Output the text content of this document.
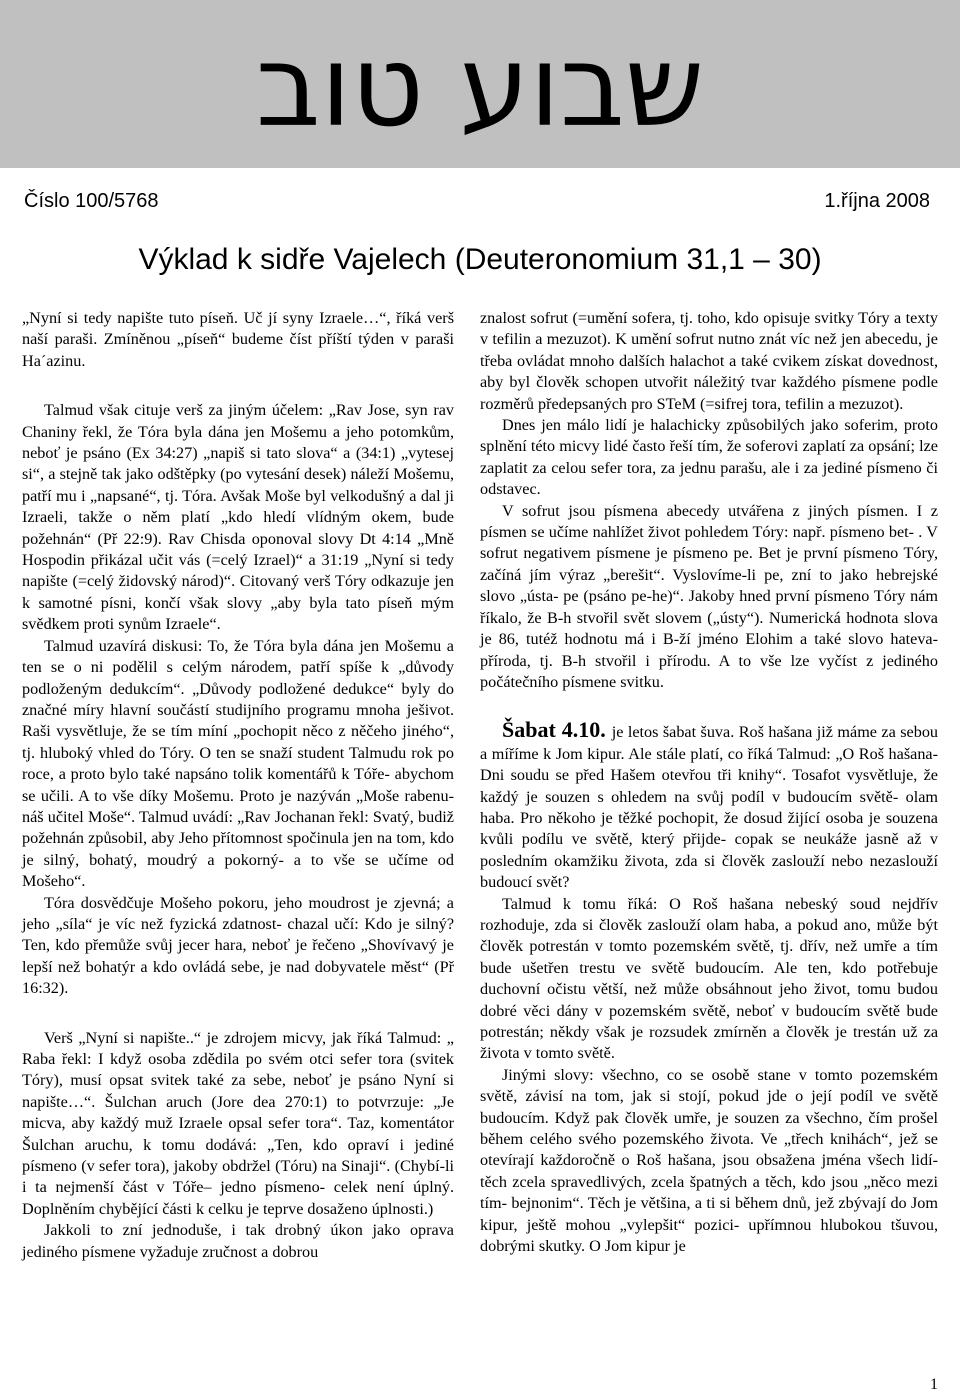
שבוע טוב
Číslo 100/5768	1.října 2008
Výklad k sidře Vajelech (Deuteronomium 31,1 – 30)

„Nyní si tedy napište tuto píseň. Uč jí syny Izraele…“, říká verš naší paraši. Zmíněnou „píseň“ budeme číst příští týden v paraši Ha´azinu.

Talmud však cituje verš za jiným účelem: „Rav Jose, syn rav Chaniny řekl, že Tóra byla dána jen Mošemu a jeho potomkům, neboť je psáno (Ex 34:27) „napiš si tato slova“ a (34:1) „vytesej si“, a stejně tak jako odštěpky (po vytesání desek) náleží Mošemu, patří mu i „napsané“, tj. Tóra. Avšak Moše byl velkodušný a dal ji Izraeli, takže o něm platí „kdo hledí vlídným okem, bude požehnán“ (Př 22:9). Rav Chisda oponoval slovy Dt 4:14 „Mně Hospodin přikázal učit vás (=celý Izrael)“ a 31:19 „Nyní si tedy napište (=celý židovský národ)“. Citovaný verš Tóry odkazuje jen k samotné písni, končí však slovy „aby byla tato píseň mým svědkem proti synům Izraele“.

Talmud uzavírá diskusi: To, že Tóra byla dána jen Mošemu a ten se o ni podělil s celým národem, patří spíše k „důvody podloženým dedukcím“. „Důvody podložené dedukce“ byly do značné míry hlavní součástí studijního programu mnoha ješivot. Raši vysvětluje, že se tím míní „pochopit něco z něčeho jiného“, tj. hluboký vhled do Tóry. O ten se snaží student Talmudu rok po roce, a proto bylo také napsáno tolik komentářů k Tóře- abychom se učili. A to vše díky Mošemu. Proto je nazýván „Moše rabenu- náš učitel Moše“. Talmud uvádí: „Rav Jochanan řekl: Svatý, budiž požehnán způsobil, aby Jeho přítomnost spočinula jen na tom, kdo je silný, bohatý, moudrý a pokorný- a to vše se učíme od Mošeho“.

Tóra dosvědčuje Mošeho pokoru, jeho moudrost je zjevná; a jeho „síla“ je víc než fyzická zdatnost- chazal učí: Kdo je silný? Ten, kdo přemůže svůj jecer hara, neboť je řečeno „Shovívavý je lepší než bohatýr a kdo ovládá sebe, je nad dobyvatele měst“ (Př 16:32).

Verš „Nyní si napište..“ je zdrojem micvy, jak říká Talmud: „ Raba řekl: I když osoba zdědila po svém otci sefer tora (svitek Tóry), musí opsat svitek také za sebe, neboť je psáno Nyní si napište…“. Šulchan aruch (Jore dea 270:1) to potvrzuje: „Je micva, aby každý muž Izraele opsal sefer tora“. Taz, komentátor Šulchan aruchu, k tomu dodává: „Ten, kdo opraví i jediné písmeno (v sefer tora), jakoby obdržel (Tóru) na Sinaji“. (Chybí-li i ta nejmenší část v Tóře– jedno písmeno- celek není úplný. Doplněním chybějící části k celku je teprve dosaženo úplnosti.)

Jakkoli to zní jednoduše, i tak drobný úkon jako oprava jediného písmene vyžaduje zručnost a dobrou

znalost sofrut (=umění sofera, tj. toho, kdo opisuje svitky Tóry a texty v tefilin a mezuzot). K umění sofrut nutno znát víc než jen abecedu, je třeba ovládat mnoho dalších halachot a také cvikem získat dovednost, aby byl člověk schopen utvořit náležitý tvar každého písmene podle rozměrů předepsaných pro STeM (=sifrej tora, tefilin a mezuzot).

Dnes jen málo lidí je halachicky způsobilých jako soferim, proto splnění této micvy lidé často řeší tím, že soferovi zaplatí za opsání; lze zaplatit za celou sefer tora, za jednu parašu, ale i za jediné písmeno či odstavec.

V sofrut jsou písmena abecedy utvářena z jiných písmen. I z písmen se učíme nahlížet život pohledem Tóry: např. písmeno bet- . V sofrut negativem písmene je písmeno pe. Bet je první písmeno Tóry, začíná jím výraz „berešit“. Vyslovíme-li pe, zní to jako hebrejské slovo „ústa- pe (psáno pe-he)“. Jakoby hned první písmeno Tóry nám říkalo, že B-h stvořil svět slovem („ústy“). Numerická hodnota slova je 86, tutéž hodnotu má i B-ží jméno Elohim a také slovo hateva- příroda, tj. B-h stvořil i přírodu. A to vše lze vyčíst z jediného počátečního písmene svitku.

Šabat 4.10. je letos šabat šuva. Roš hašana již máme za sebou a míříme k Jom kipur. Ale stále platí, co říká Talmud: „O Roš hašana- Dni soudu se před Hašem otevřou tři knihy“. Tosafot vysvětluje, že každý je souzen s ohledem na svůj podíl v budoucím světě- olam haba. Pro někoho je těžké pochopit, že dosud žijící osoba je souzena kvůli podílu ve světě, který přijde- copak se neukáže jasně až v posledním okamžiku života, zda si člověk zaslouží nebo nezaslouží budoucí svět?

Talmud k tomu říká: O Roš hašana nebeský soud nejdřív rozhoduje, zda si člověk zaslouží olam haba, a pokud ano, může být člověk potrestán v tomto pozemském světě, tj. dřív, než umře a tím bude ušetřen trestu ve světě budoucím. Ale ten, kdo potřebuje duchovní očistu větší, než může obsáhnout jeho život, tomu budou dobré věci dány v pozemském světě, neboť v budoucím světě bude potrestán; někdy však je rozsudek zmírněn a člověk je trestán už za života v tomto světě.

Jinými slovy: všechno, co se osobě stane v tomto pozemském světě, závisí na tom, jak si stojí, pokud jde o její podíl ve světě budoucím. Když pak člověk umře, je souzen za všechno, čím prošel během celého svého pozemského života. Ve „třech knihách“, jež se otevírají každoročně o Roš hašana, jsou obsažena jména všech lidí- těch zcela spravedlivých, zcela špatných a těch, kdo jsou „něco mezi tím- bejnonim“. Těch je většina, a ti si během dnů, jež zbývají do Jom kipur, ještě mohou „vylepšit“ pozici- upřímnou hlubokou tšuvou, dobrými skutky. O Jom kipur je

1
